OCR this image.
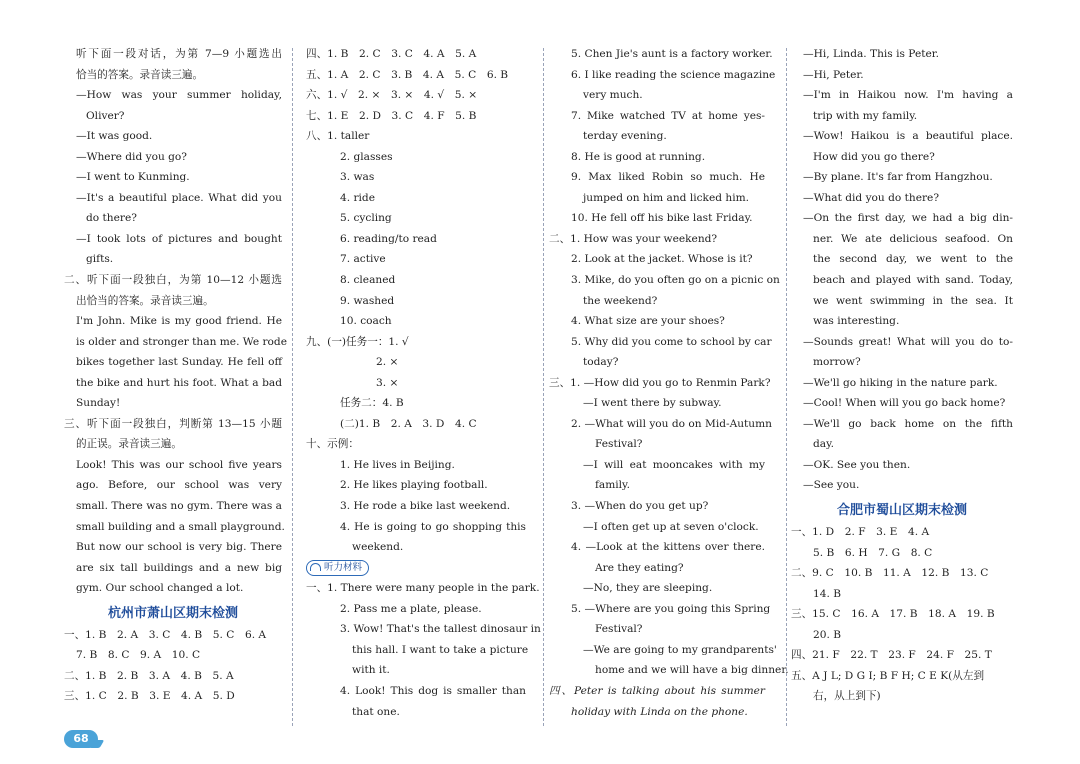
听下面一段对话，为第 7—9 小题选出
恰当的答案。录音读三遍。
—How was your summer holiday,
Oliver?
—It was good.
—Where did you go?
—I went to Kunming.
—It's a beautiful place. What did you
do there?
—I took lots of pictures and bought
gifts.
二、听下面一段独白，为第 10—12 小题选
出恰当的答案。录音读三遍。
I'm John. Mike is my good friend. He
is older and stronger than me. We rode
bikes together last Sunday. He fell off
the bike and hurt his foot. What a bad
Sunday!
三、听下面一段独白，判断第 13—15 小题
的正误。录音读三遍。
Look! This was our school five years
ago. Before, our school was very
small. There was no gym. There was a
small building and a small playground.
But now our school is very big. There
are six tall buildings and a new big
gym. Our school changed a lot.
杭州市萧山区期末检测
一、1. B　2. A　3. C　4. B　5. C　6. A
7. B　8. C　9. A　10. C
二、1. B　2. B　3. A　4. B　5. A
三、1. C　2. B　3. E　4. A　5. D
四、1. B　2. C　3. C　4. A　5. A
五、1. A　2. C　3. B　4. A　5. C　6. B
六、1. √　2. ×　3. ×　4. √　5. ×
七、1. E　2. D　3. C　4. F　5. B
八、1. taller
2. glasses
3. was
4. ride
5. cycling
6. reading/to read
7. active
8. cleaned
9. washed
10. coach
九、(一)任务一：1. √
2. ×
3. ×
任务二：4. B
(二)1. B　2. A　3. D　4. C
十、示例：
1. He lives in Beijing.
2. He likes playing football.
3. He rode a bike last weekend.
4. He is going to go shopping this
weekend.
听力材料
一、1. There were many people in the park.
2. Pass me a plate, please.
3. Wow! That's the tallest dinosaur in
this hall. I want to take a picture
with it.
4. Look! This dog is smaller than
that one.
5. Chen Jie's aunt is a factory worker.
6. I like reading the science magazine
very much.
7. Mike watched TV at home yes-
terday evening.
8. He is good at running.
9. Max liked Robin so much. He
jumped on him and licked him.
10. He fell off his bike last Friday.
二、1. How was your weekend?
2. Look at the jacket. Whose is it?
3. Mike, do you often go on a picnic on
the weekend?
4. What size are your shoes?
5. Why did you come to school by car
today?
三、1. —How did you go to Renmin Park?
—I went there by subway.
2. —What will you do on Mid-Autumn
Festival?
—I will eat mooncakes with my
family.
3. —When do you get up?
—I often get up at seven o'clock.
4. —Look at the kittens over there.
Are they eating?
—No, they are sleeping.
5. —Where are you going this Spring
Festival?
—We are going to my grandparents'
home and we will have a big dinner.
四、Peter is talking about his summer
holiday with Linda on the phone.
—Hi, Linda. This is Peter.
—Hi, Peter.
—I'm in Haikou now. I'm having a
trip with my family.
—Wow! Haikou is a beautiful place.
How did you go there?
—By plane. It's far from Hangzhou.
—What did you do there?
—On the first day, we had a big din-
ner. We ate delicious seafood. On
the second day, we went to the
beach and played with sand. Today,
we went swimming in the sea. It
was interesting.
—Sounds great! What will you do to-
morrow?
—We'll go hiking in the nature park.
—Cool! When will you go back home?
—We'll go back home on the fifth
day.
—OK. See you then.
—See you.
合肥市蜀山区期末检测
一、1. D　2. F　3. E　4. A
5. B　6. H　7. G　8. C
二、9. C　10. B　11. A　12. B　13. C
14. B
三、15. C　16. A　17. B　18. A　19. B
20. B
四、21. F　22. T　23. F　24. F　25. T
五、A J L; D G I; B F H; C E K(从左到
右，从上到下)
68
